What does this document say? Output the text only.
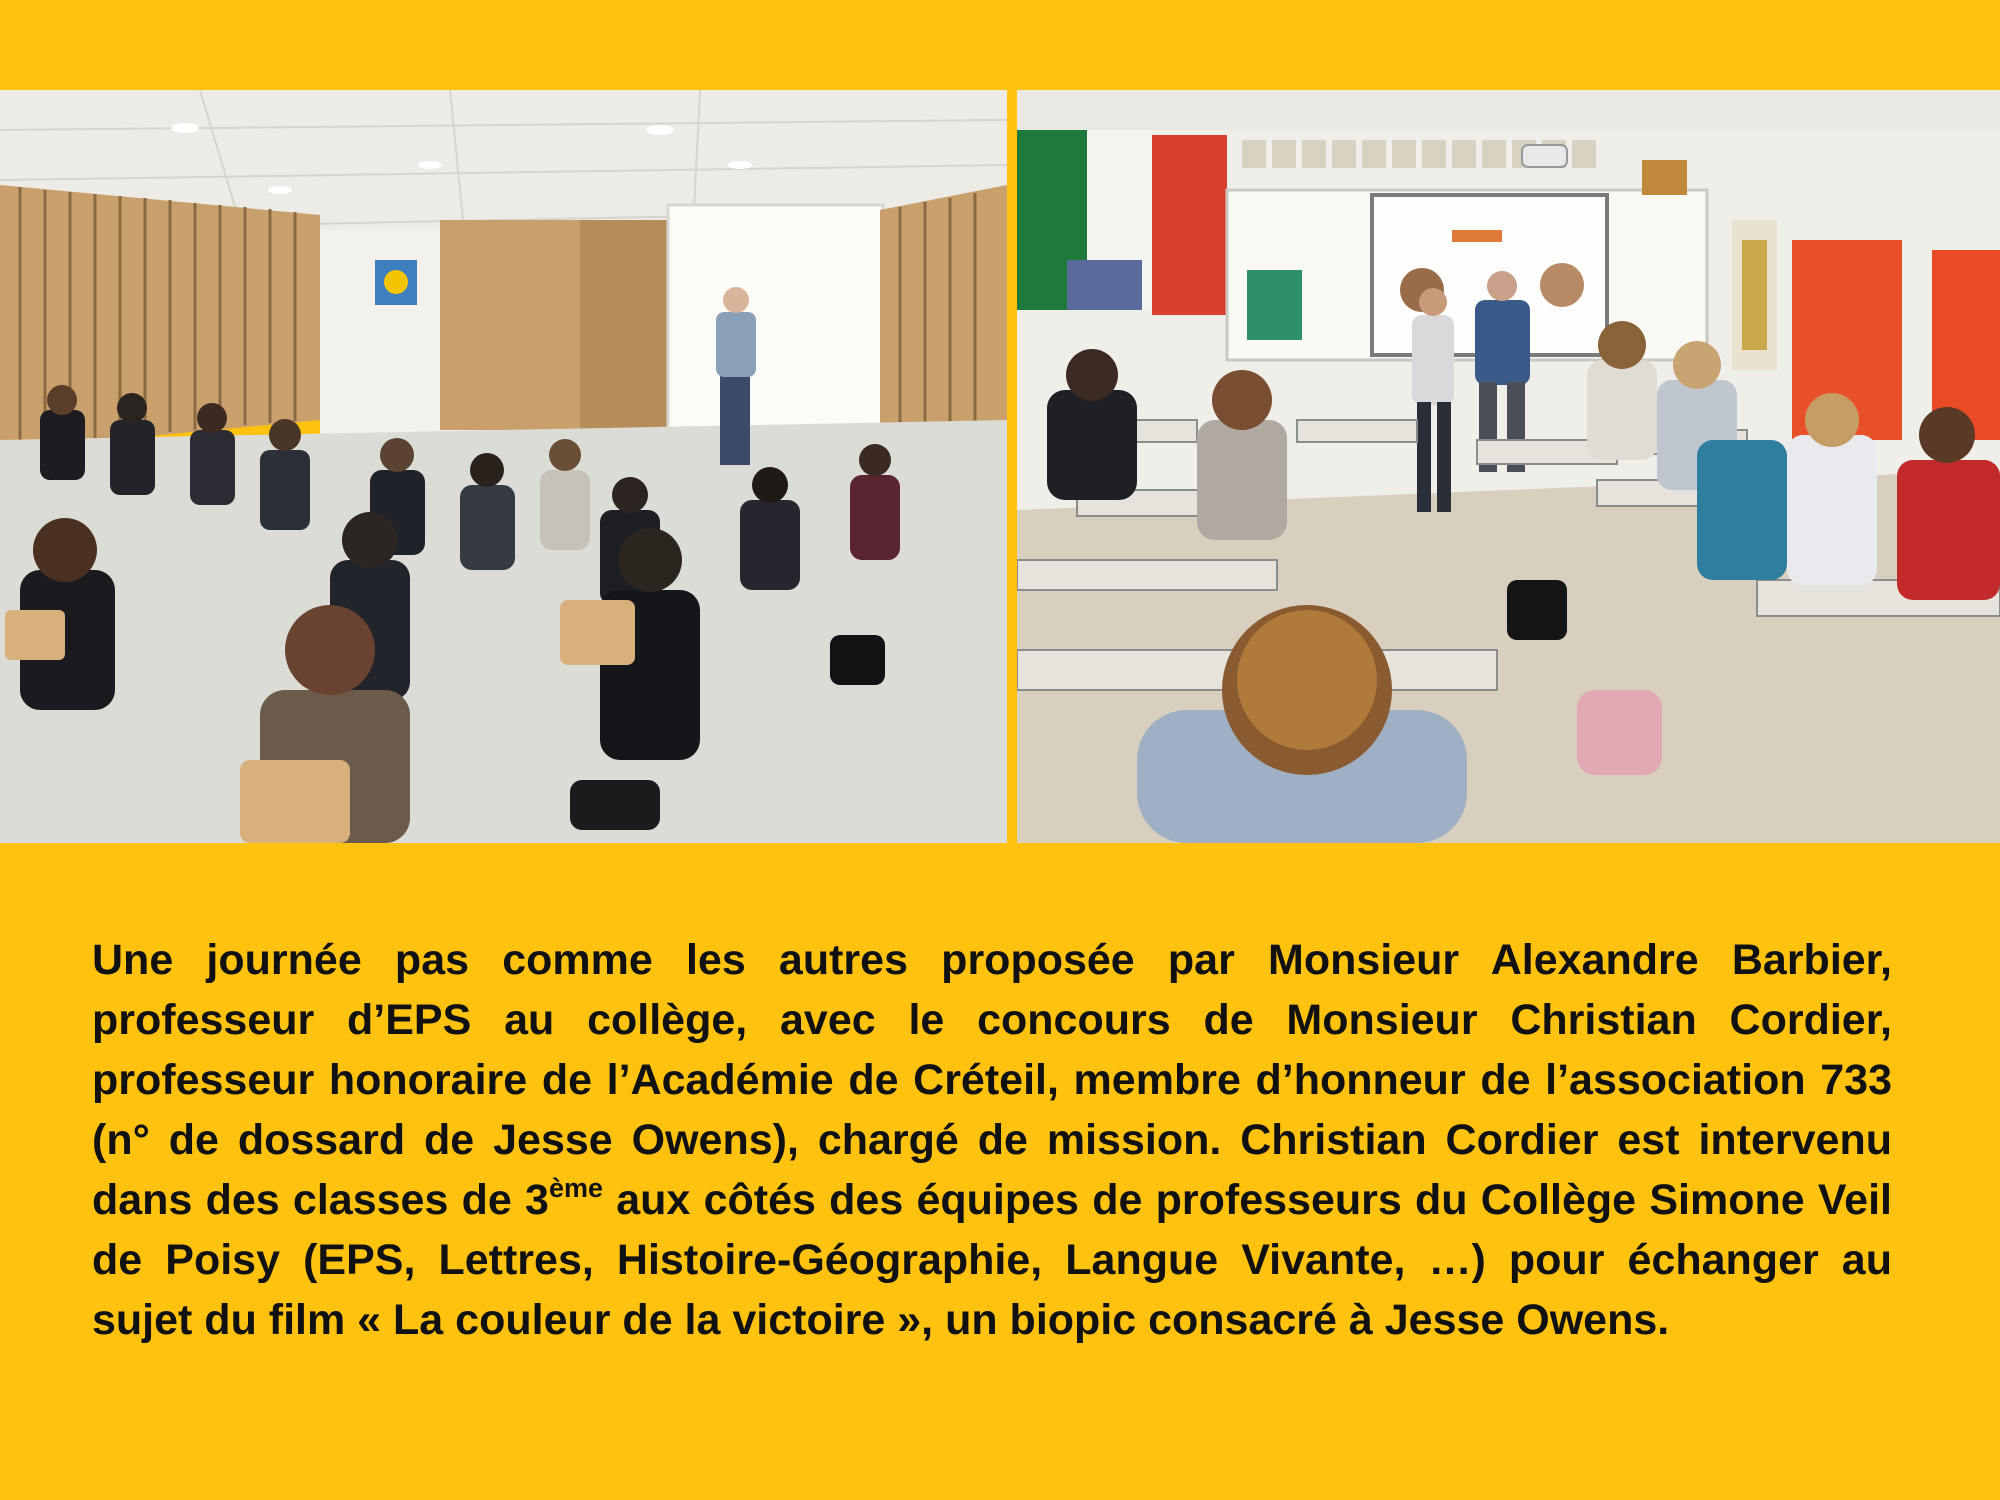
Une journée pas comme les autres proposée par Monsieur Alexandre Barbier, professeur d’EPS au collège, avec le concours de Monsieur Christian Cordier, professeur honoraire de l’Académie de Créteil, membre d’honneur de l’association 733 (n° de dossard de Jesse Owens), chargé de mission. Christian Cordier est intervenu dans des classes de 3ème aux côtés des équipes de professeurs du Collège Simone Veil de Poisy (EPS, Lettres, Histoire-Géographie, Langue Vivante, …) pour échanger au sujet du film « La couleur de la victoire », un biopic consacré à Jesse Owens.
